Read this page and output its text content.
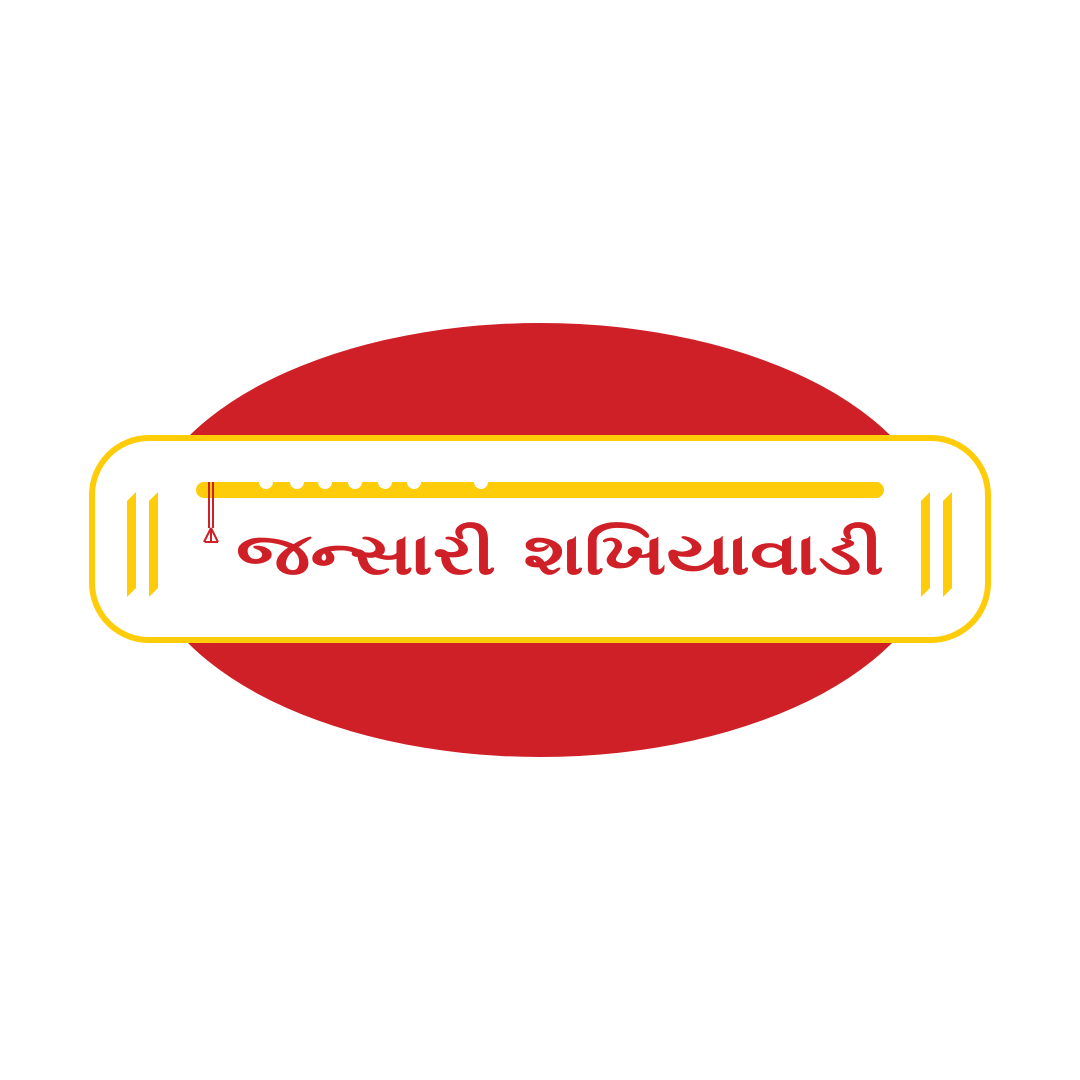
જન્સારી શખિયાવાડી
